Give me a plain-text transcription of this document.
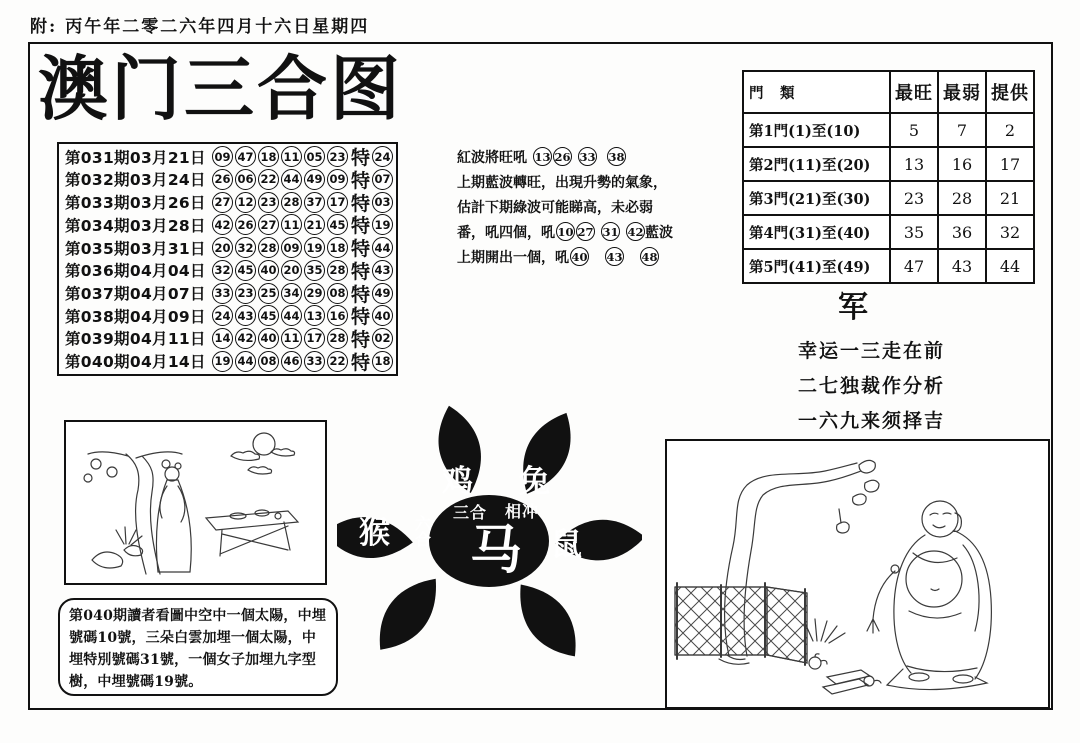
附: 丙午年二零二六年四月十六日星期四
澳门三合图
第031期03月21日 09 47 18 11 05 23 特 24
第032期03月24日 26 06 22 44 49 09 特 07
第033期03月26日 27 12 23 28 37 17 特 03
第034期03月28日 42 26 27 11 21 45 特 19
第035期03月31日 20 32 28 09 19 18 特 44
第036期04月04日 32 45 40 20 35 28 特 43
第037期04月07日 33 23 25 34 29 08 特 49
第038期04月09日 24 43 45 44 13 16 特 40
第039期04月11日 14 42 40 11 17 28 特 02
第040期04月14日 19 44 08 46 33 22 特 18
紅波將旺吼 13 26 33 38
上期藍波轉旺，出現升勢的氣象，
估計下期綠波可能睇高，未必弱
番，吼四個，吼 10 27 31 42 藍波
上期開出一個，吼 40 43 48
門　類	最旺	最弱	提供
第1門(1)至(10)	5	7	2
第2門(11)至(20)	13	16	17
第3門(21)至(30)	23	28	21
第4門(31)至(40)	35	36	32
第5門(41)至(49)	47	43	44
军
幸运一三走在前
二七独裁作分析
一六九来须择吉
鸡 兔
三合 相冲
猴 六
合 马 鼠

第040期讀者看圖中空中一個太陽，中埋號碼10號，三朵白雲加埋一個太陽，中埋特別號碼31號，一個女子加埋九字型樹，中埋號碼19號。
